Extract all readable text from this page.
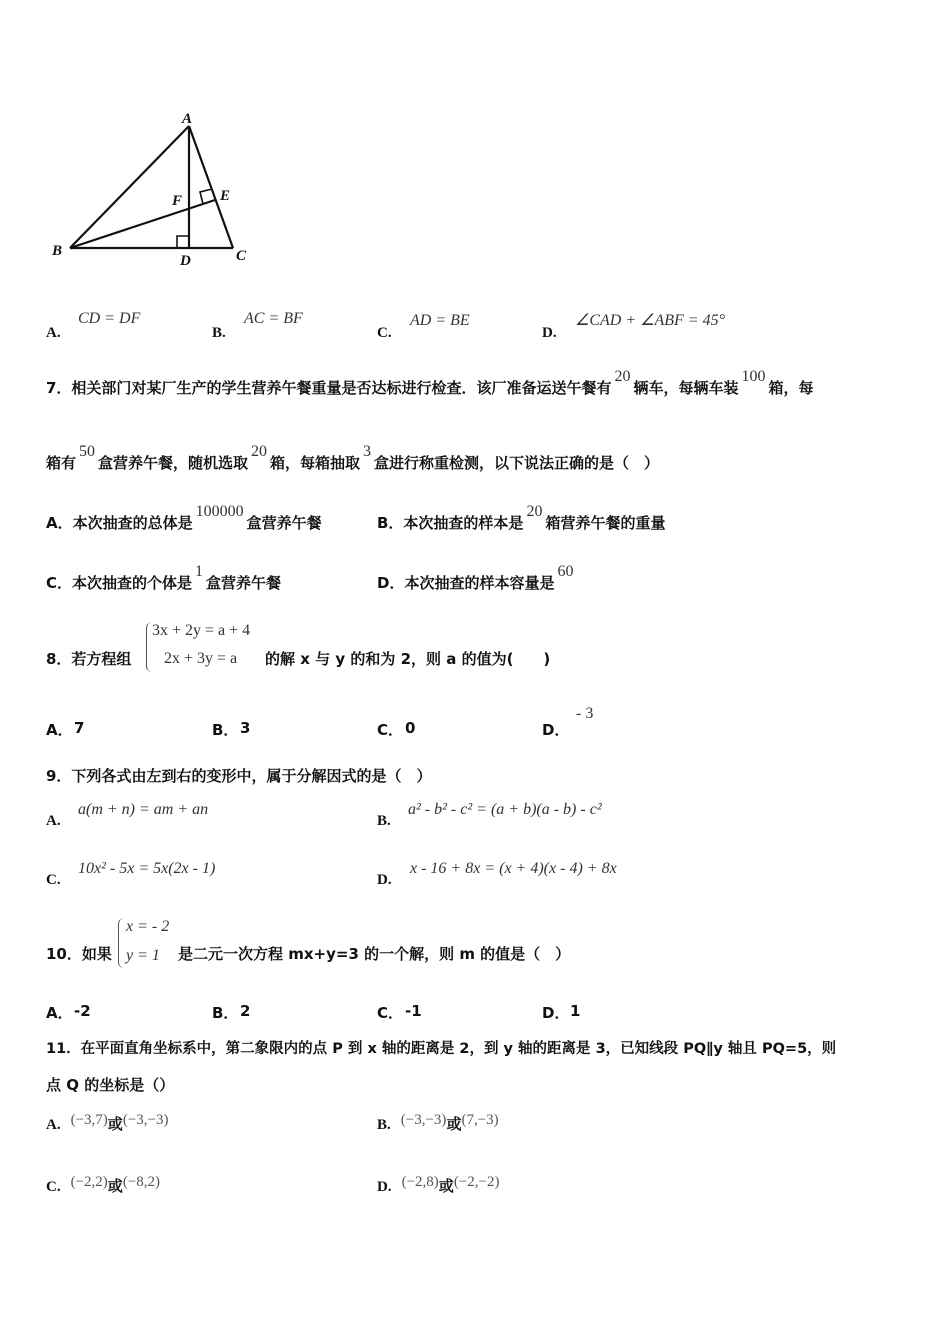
A
B	C
D
E
F
A.
CD = DF
B.
AC = BF
C.
AD = BE
D.
∠CAD + ∠ABF = 45°
7．相关部门对某厂生产的学生营养午餐重量是否达标进行检查．该厂准备运送午餐有
20
辆车，每辆车装
100
箱，每
箱有
50
盒营养午餐，随机选取
20
箱，每箱抽取
3
盒进行称重检测，以下说法正确的是（　）
A．本次抽查的总体是
100000
盒营养午餐	B．本次抽查的样本是
20
箱营养午餐的重量
C．本次抽查的个体是
1
盒营养午餐	D．本次抽查的样本容量是
60
8．若方程组
3x + 2y = a + 4
2x + 3y = a 的解 x 与 y 的和为 2，则 a 的值为(　　)
A． 7	B． 3	C． 0	D．
- 3
9．下列各式由左到右的变形中，属于分解因式的是（　）
A.
a(m + n) = am + an
B.
a² - b² - c² = (a + b)(a - b) - c²
C.
10x² - 5x = 5x(2x - 1)
D.
x - 16 + 8x = (x + 4)(x - 4) + 8x
10．如果
x = - 2
y = 1 是二元一次方程 mx+y=3 的一个解，则 m 的值是（　）
A． -2	B． 2	C． -1	D． 1
11．在平面直角坐标系中，第二象限内的点 P 到 x 轴的距离是 2，到 y 轴的距离是 3，已知线段 PQ∥y 轴且 PQ=5，则
点 Q 的坐标是（）
A. (−3,7) 或 (−3,−3)	B. (−3,−3) 或 (7,−3)
C. (−2,2) 或 (−8,2)	D. (−2,8) 或 (−2,−2)
